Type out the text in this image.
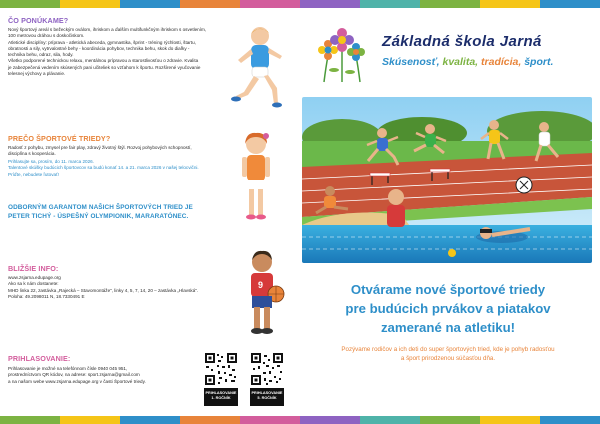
ČO PONÚKAME?
Nový športový areál s bežeckým oválom, ihriskom a ďalším multifunkčným ihriskom s osvetlením,
100 metrovou dráhou s doskočiskom.
Atletické disciplíny: príprava - atletická abeceda, gymnastika, šprint - tréning rýchlosti, štartu,
obratnosti a sily, vytrvalostné behy - koordinácia pohybov, technika behu, skok do diaľky -
technika behu, odraz, sila, hody.
Všetko podporené technickou relaxu, mentálnou prípravou a starostlivosťou o zdravie. Kvalita
je zabezpečená vedením skúsených pani učiteliek so vzťahom k športu. Rozšírené vyučovanie
telesnej výchovy a plávanie.
PREČO ŠPORTOVÉ TRIEDY?
Radosť z pohybu, zmysel pre fair play, zdravý životný štýl. Rozvoj pohybových schopností,
disciplína s kooperácia.
Prihlasujte sa, prosím, do 11. marca 2026.
Talentové skúšky budúcich športovcov sa budú konať 14. a 21. marca 2026 v našej telocvični.
Príďte, nebudete ľutovať!
ODBORNÝM GARANTOM NAŠICH ŠPORTOVÝCH TRIED JE
PETER TICHÝ - ÚSPEŠNÝ OLYMPIONIK, MARARATÓNEC.
BLIŽŠIE INFO:
www.zsjarna.edupage.org
Ako sa k nám dostanete:
MHD linka 22, zastávka „Rajecká – Stavomontáže", linky 4, 5, 7, 14, 20 – zastávka „Hlavská".
Poloha: 49.2098011 N, 18.7330491 E
PRIHLASOVANIE:
Prihlasovanie je možné na telefónnom čísle 0940 045 951,
prostredníctvom QR kódov, na adrese: sport.zsjarna@gmail.com
a na našom webe www.zsjarna.edupage.org v časti Športové triedy.
PRIHLASOVANIE 1. ROČNÍK
PRIHLASOVANIE 5. ROČNÍK
9
Základná škola Jarná
Skúsenosť, kvalita, tradícia, šport.
Otvárame nové športové triedy
pre budúcich prvákov a piatakov
zamerané na atletiku!
Pozývame rodičov a ich deti do super športových tried, kde je pohyb radosťou
a šport prirodzenou súčasťou dňa.
